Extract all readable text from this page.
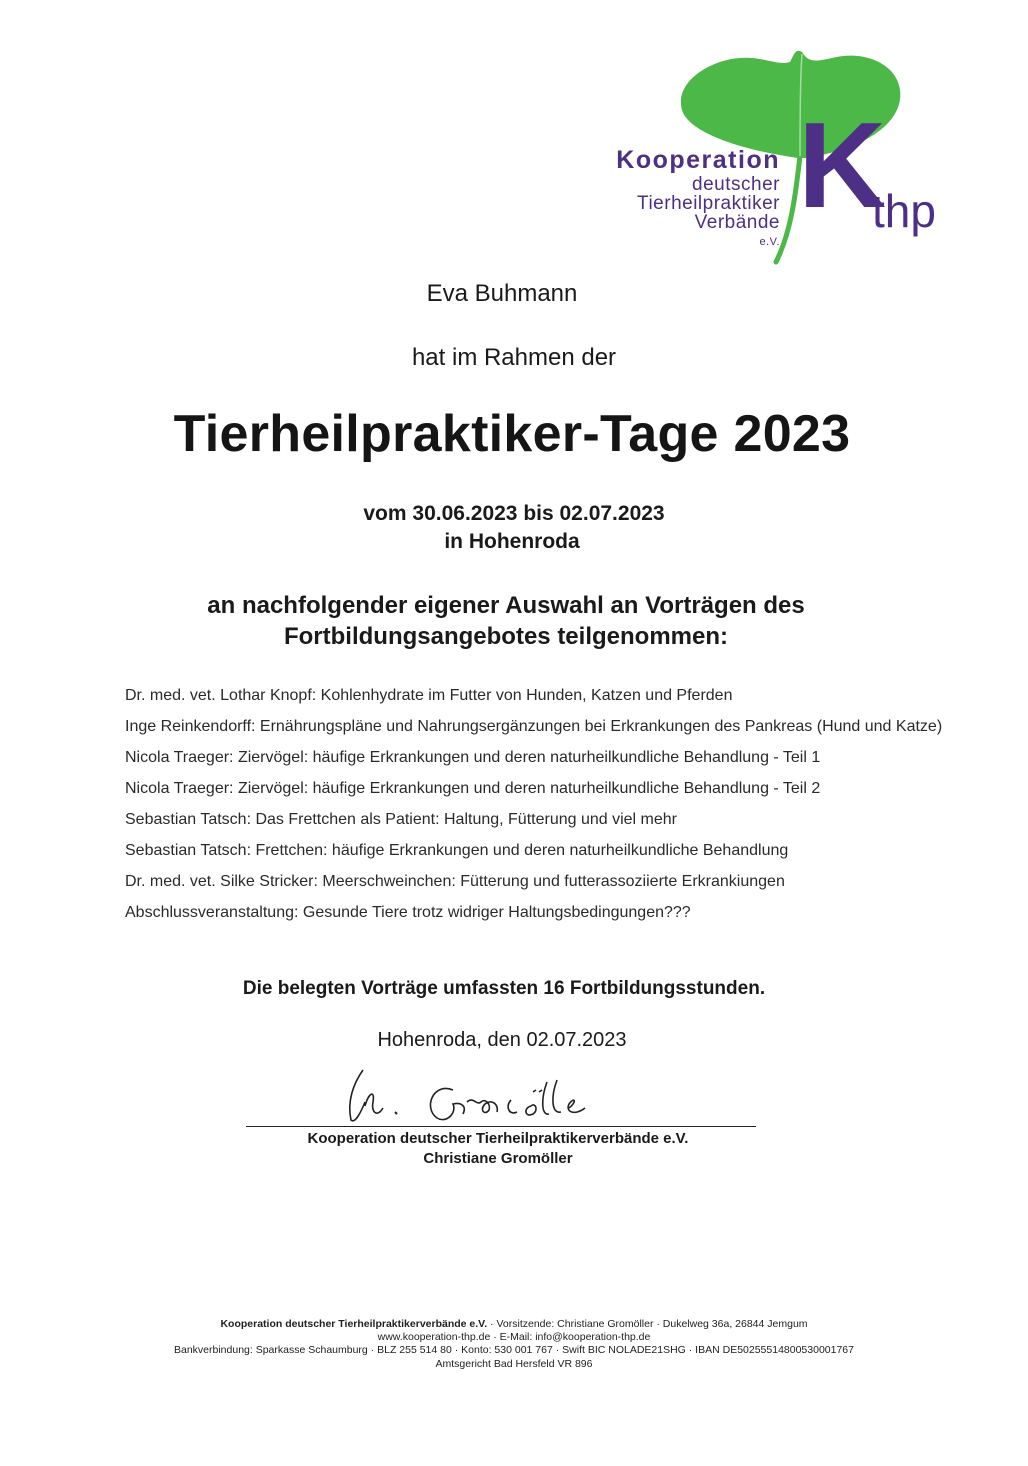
Kooperation
deutscher
Tierheilpraktiker
Verbände
e.V.
K
thp
Eva Buhmann
hat im Rahmen der
Tierheilpraktiker-Tage 2023
vom 30.06.2023 bis 02.07.2023
in Hohenroda
an nachfolgender eigener Auswahl an Vorträgen des
Fortbildungsangebotes teilgenommen:
Dr. med. vet. Lothar Knopf: Kohlenhydrate im Futter von Hunden, Katzen und Pferden
Inge Reinkendorff: Ernährungspläne und Nahrungsergänzungen bei Erkrankungen des Pankreas (Hund und Katze)
Nicola Traeger: Ziervögel: häufige Erkrankungen und deren naturheilkundliche Behandlung - Teil 1
Nicola Traeger: Ziervögel: häufige Erkrankungen und deren naturheilkundliche Behandlung - Teil 2
Sebastian Tatsch: Das Frettchen als Patient: Haltung, Fütterung und viel mehr
Sebastian Tatsch: Frettchen: häufige Erkrankungen und deren naturheilkundliche Behandlung
Dr. med. vet. Silke Stricker: Meerschweinchen: Fütterung und futterassoziierte Erkrankiungen
Abschlussveranstaltung: Gesunde Tiere trotz widriger Haltungsbedingungen???
Die belegten Vorträge umfassten 16 Fortbildungsstunden.
Hohenroda, den 02.07.2023
Kooperation deutscher Tierheilpraktikerverbände e.V.
Christiane Gromöller
Kooperation deutscher Tierheilpraktikerverbände e.V. · Vorsitzende: Christiane Gromöller · Dukelweg 36a, 26844 Jemgum
www.kooperation-thp.de · E-Mail: info@kooperation-thp.de
Bankverbindung: Sparkasse Schaumburg · BLZ 255 514 80 · Konto: 530 001 767 · Swift BIC NOLADE21SHG · IBAN DE50255514800530001767
Amtsgericht Bad Hersfeld VR 896
